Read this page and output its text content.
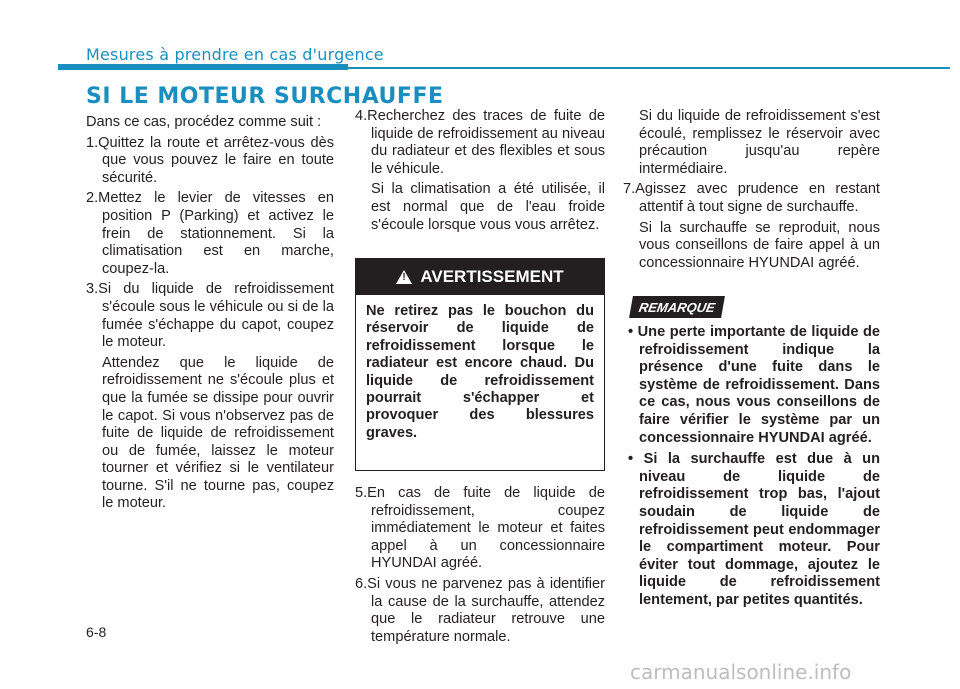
Mesures à prendre en cas d'urgence
SI LE MOTEUR SURCHAUFFE

Dans ce cas, procédez comme suit :

1.Quittez la route et arrêtez-vous dès que vous pouvez le faire en toute sécurité.
2.Mettez le levier de vitesses en position P (Parking) et activez le frein de stationnement. Si la climatisation est en marche, coupez-la.
3.Si du liquide de refroidissement s'écoule sous le véhicule ou si de la fumée s'échappe du capot, coupez le moteur.
Attendez que le liquide de refroidissement ne s'écoule plus et que la fumée se dissipe pour ouvrir le capot. Si vous n'observez pas de fuite de liquide de refroidissement ou de fumée, laissez le moteur tourner et vérifiez si le ventilateur tourne. S'il ne tourne pas, coupez le moteur.
4.Recherchez des traces de fuite de liquide de refroidissement au niveau du radiateur et des flexibles et sous le véhicule.
Si la climatisation a été utilisée, il est normal que de l'eau froide s'écoule lorsque vous vous arrêtez.
! AVERTISSEMENT
Ne retirez pas le bouchon du réservoir de liquide de refroidissement lorsque le radiateur est encore chaud. Du liquide de refroidissement pourrait s'échapper et provoquer des blessures graves.
5.En cas de fuite de liquide de refroidissement, coupez immédiatement le moteur et faites appel à un concessionnaire HYUNDAI agréé.
6.Si vous ne parvenez pas à identifier la cause de la surchauffe, attendez que le radiateur retrouve une température normale.
Si du liquide de refroidissement s'est écoulé, remplissez le réservoir avec précaution jusqu'au repère intermédiaire.
7.Agissez avec prudence en restant attentif à tout signe de surchauffe.
Si la surchauffe se reproduit, nous vous conseillons de faire appel à un concessionnaire HYUNDAI agréé.
REMARQUE
• Une perte importante de liquide de refroidissement indique la présence d'une fuite dans le système de refroidissement. Dans ce cas, nous vous conseillons de faire vérifier le système par un concessionnaire HYUNDAI agréé.
• Si la surchauffe est due à un niveau de liquide de refroidissement trop bas, l'ajout soudain de liquide de refroidissement peut endommager le compartiment moteur. Pour éviter tout dommage, ajoutez le liquide de refroidissement lentement, par petites quantités.
6-8
carmanualsonline.info
